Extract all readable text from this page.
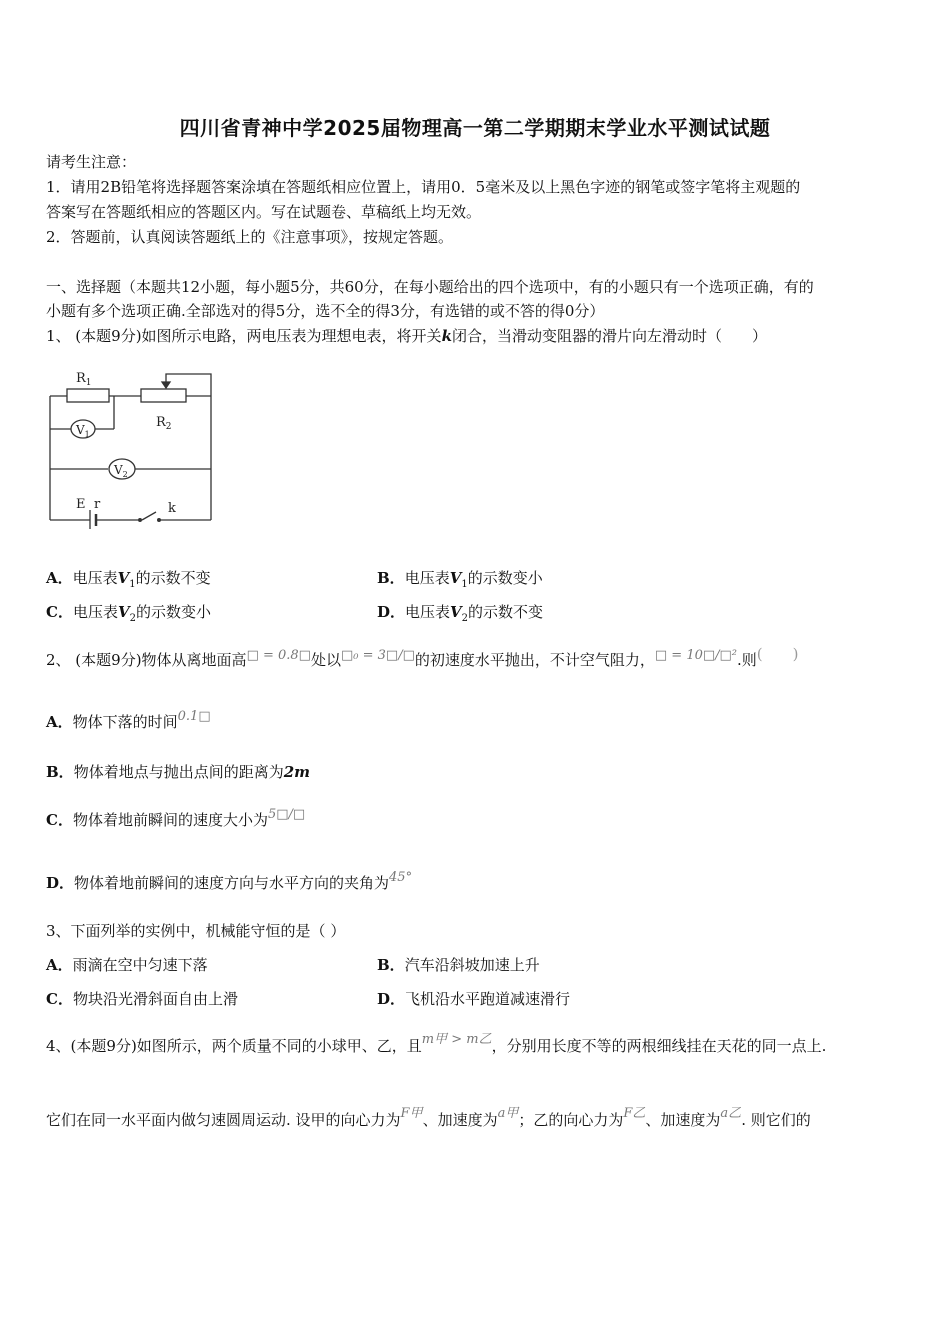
四川省青神中学2025届物理高一第二学期期末学业水平测试试题
请考生注意：
1．请用2B铅笔将选择题答案涂填在答题纸相应位置上，请用0．5毫米及以上黑色字迹的钢笔或签字笔将主观题的
答案写在答题纸相应的答题区内。写在试题卷、草稿纸上均无效。
2．答题前，认真阅读答题纸上的《注意事项》，按规定答题。
一、选择题（本题共12小题，每小题5分，共60分，在每小题给出的四个选项中，有的小题只有一个选项正确，有的
小题有多个选项正确.全部选对的得5分，选不全的得3分，有选错的或不答的得0分）
1、 (本题9分)如图所示电路，两电压表为理想电表，将开关k闭合，当滑动变阻器的滑片向左滑动时（　　）
$R_1$
$R_2$
$V_1$
$V_2$
E r	k
A．电压表$V_1$的示数不变	B．电压表$V_1$的示数变小
C．电压表$V_2$的示数变小	D．电压表$V_2$的示数不变
2、 (本题9分)物体从离地面高□ = 0.8□处以□₀ = 3□/□的初速度水平抛出，不计空气阻力，□ = 10□/□².则(　　)
A．物体下落的时间0.1□
B．物体着地点与抛出点间的距离为2m
C．物体着地前瞬间的速度大小为5□/□
D．物体着地前瞬间的速度方向与水平方向的夹角为45°
3、下面列举的实例中，机械能守恒的是（ ）
A．雨滴在空中匀速下落	B．汽车沿斜坡加速上升
C．物块沿光滑斜面自由上滑	D．飞机沿水平跑道减速滑行
4、(本题9分)如图所示，两个质量不同的小球甲、乙，且m甲 > m乙，分别用长度不等的两根细线挂在天花的同一点上.
它们在同一水平面内做匀速圆周运动. 设甲的向心力为F甲、加速度为a甲；乙的向心力为F乙、加速度为a乙. 则它们的
